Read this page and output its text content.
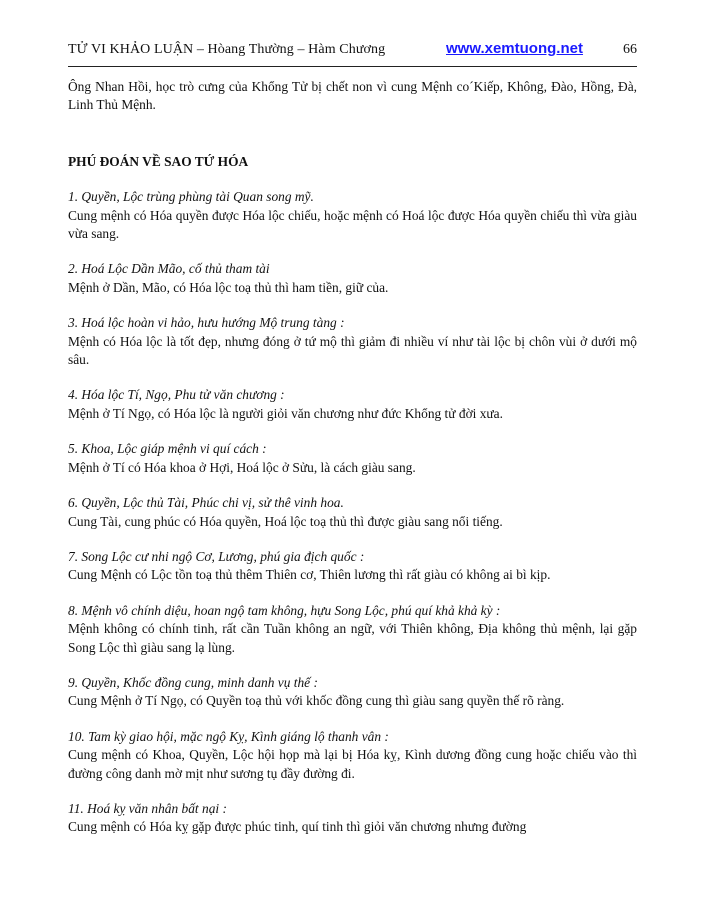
TỬ VI KHẢO LUẬN – Hòang Thường – Hàm Chương	www.xemtuong.net	66

Ông Nhan Hồi, học trò cưng của Khổng Tử bị chết non vì cung Mệnh co´Kiếp, Không, Đào, Hồng, Đà, Linh Thủ Mệnh.

PHÚ ĐOÁN VỀ SAO TỨ HÓA

1. Quyền, Lộc trùng phùng tài Quan song mỹ.

Cung mệnh có Hóa quyền được Hóa lộc chiếu, hoặc mệnh có Hoá lộc được Hóa quyền chiếu thì vừa giàu vừa sang.

2. Hoá Lộc Dần Mão, cố thủ tham tài

Mệnh ở Dần, Mão, có Hóa lộc toạ thủ thì ham tiền, giữ của.

3. Hoá lộc hoàn vi hảo, hưu hướng Mộ trung tàng :

Mệnh có Hóa lộc là tốt đẹp, nhưng đóng ở tứ mộ thì giảm đi nhiều ví như tài lộc bị chôn vùi ở dưới mộ sâu.

4. Hóa lộc Tí, Ngọ, Phu tử văn chương :

Mệnh ở Tí Ngọ, có Hóa lộc là người giỏi văn chương như đức Khổng tử đời xưa.

5. Khoa, Lộc giáp mệnh vi quí cách :

Mệnh ở Tí có Hóa khoa ở Hợi, Hoá lộc ở Sửu, là cách giàu sang.

6. Quyền, Lộc thủ Tài, Phúc chi vị, sử thê vinh hoa.

Cung Tài, cung phúc có Hóa quyền, Hoá lộc toạ thủ thì được giàu sang nổi tiếng.

7. Song Lộc cư nhi ngộ Cơ, Lương, phú gia địch quốc :

Cung Mệnh có Lộc tồn toạ thủ thêm Thiên cơ, Thiên lương thì rất giàu có không ai bì kịp.

8. Mệnh vô chính diệu, hoan ngộ tam không, hựu Song Lộc, phú quí khả khả kỳ :

Mệnh không có chính tinh, rất cần Tuần không an ngữ, với Thiên không, Địa không thủ mệnh, lại gặp Song Lộc thì giàu sang lạ lùng.

9. Quyền, Khốc đồng cung, minh danh vụ thế :

Cung Mệnh ở Tí Ngọ, có Quyền toạ thủ với khốc đồng cung thì giàu sang quyền thế rõ ràng.

10. Tam kỳ giao hội, mặc ngộ Kỵ, Kình giáng lộ thanh vân :

Cung mệnh có Khoa, Quyền, Lộc hội họp mà lại bị Hóa kỵ, Kình dương đồng cung hoặc chiếu vào thì đường công danh mờ mịt như sương tụ đầy đường đi.

11. Hoá kỵ văn nhân bất nại :

Cung mệnh có Hóa kỵ gặp được phúc tinh, quí tinh thì giỏi văn chương nhưng đường
